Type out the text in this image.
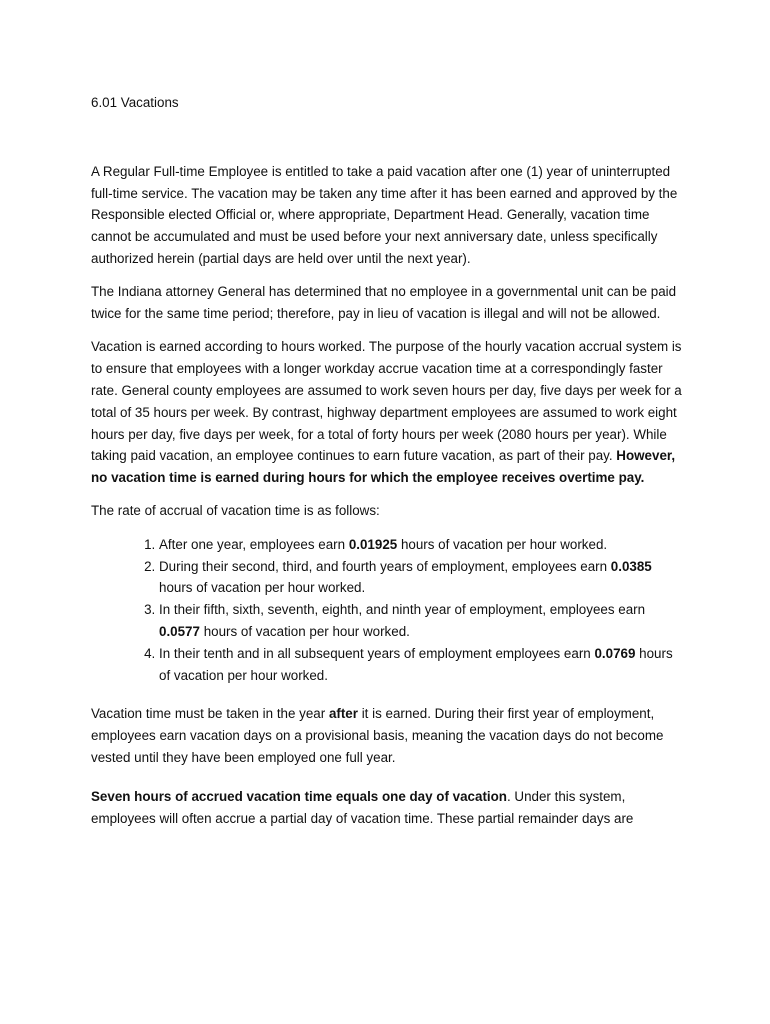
6.01 Vacations

A Regular Full-time Employee is entitled to take a paid vacation after one (1) year of uninterrupted full-time service. The vacation may be taken any time after it has been earned and approved by the Responsible elected Official or, where appropriate, Department Head. Generally, vacation time cannot be accumulated and must be used before your next anniversary date, unless specifically authorized herein (partial days are held over until the next year).

The Indiana attorney General has determined that no employee in a governmental unit can be paid twice for the same time period; therefore, pay in lieu of vacation is illegal and will not be allowed.

Vacation is earned according to hours worked. The purpose of the hourly vacation accrual system is to ensure that employees with a longer workday accrue vacation time at a correspondingly faster rate. General county employees are assumed to work seven hours per day, five days per week for a total of 35 hours per week. By contrast, highway department employees are assumed to work eight hours per day, five days per week, for a total of forty hours per week (2080 hours per year). While taking paid vacation, an employee continues to earn future vacation, as part of their pay. However, no vacation time is earned during hours for which the employee receives overtime pay.

The rate of accrual of vacation time is as follows:

1. After one year, employees earn 0.01925 hours of vacation per hour worked.
2. During their second, third, and fourth years of employment, employees earn 0.0385 hours of vacation per hour worked.
3. In their fifth, sixth, seventh, eighth, and ninth year of employment, employees earn 0.0577 hours of vacation per hour worked.
4. In their tenth and in all subsequent years of employment employees earn 0.0769 hours of vacation per hour worked.

Vacation time must be taken in the year after it is earned. During their first year of employment, employees earn vacation days on a provisional basis, meaning the vacation days do not become vested until they have been employed one full year.

Seven hours of accrued vacation time equals one day of vacation. Under this system, employees will often accrue a partial day of vacation time. These partial remainder days are
